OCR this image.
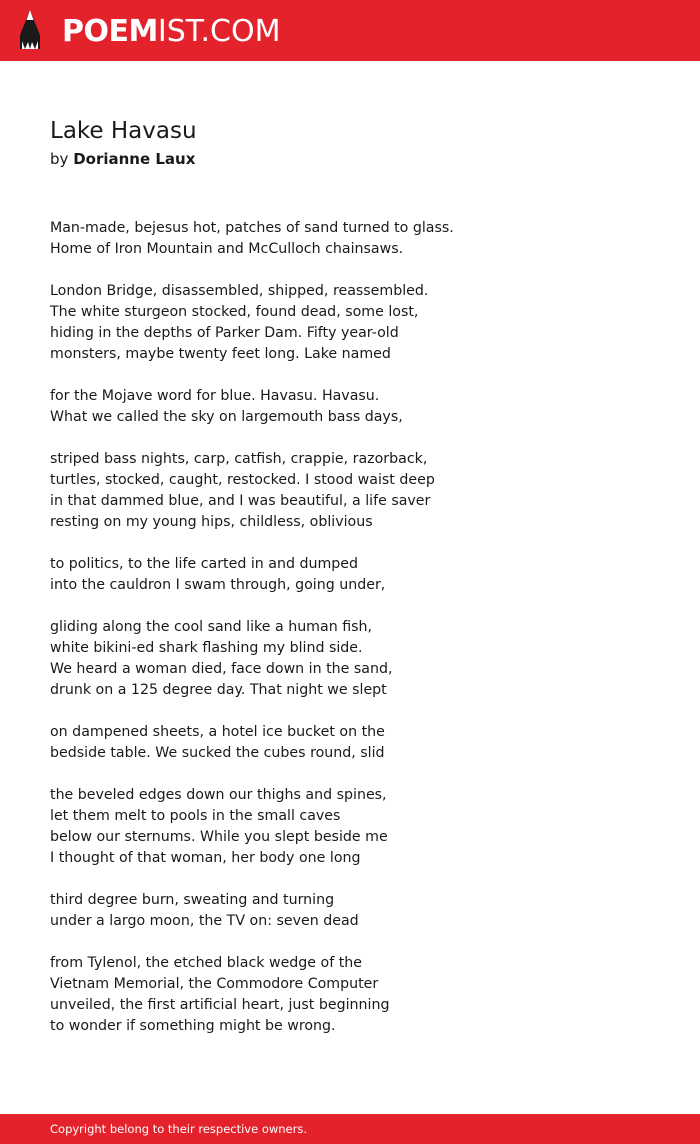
POEM IST.COM
Lake Havasu
by Dorianne Laux
Man-made, bejesus hot, patches of sand turned to glass.
Home of Iron Mountain and McCulloch chainsaws.
London Bridge, disassembled, shipped, reassembled.
The white sturgeon stocked, found dead, some lost,
hiding in the depths of Parker Dam. Fifty year-old
monsters, maybe twenty feet long. Lake named
for the Mojave word for blue. Havasu. Havasu.
What we called the sky on largemouth bass days,
striped bass nights, carp, catfish, crappie, razorback,
turtles, stocked, caught, restocked. I stood waist deep
in that dammed blue, and I was beautiful, a life saver
resting on my young hips, childless, oblivious
to politics, to the life carted in and dumped
into the cauldron I swam through, going under,
gliding along the cool sand like a human fish,
white bikini-ed shark flashing my blind side.
We heard a woman died, face down in the sand,
drunk on a 125 degree day. That night we slept
on dampened sheets, a hotel ice bucket on the
bedside table. We sucked the cubes round, slid
the beveled edges down our thighs and spines,
let them melt to pools in the small caves
below our sternums. While you slept beside me
I thought of that woman, her body one long
third degree burn, sweating and turning
under a largo moon, the TV on: seven dead
from Tylenol, the etched black wedge of the
Vietnam Memorial, the Commodore Computer
unveiled, the first artificial heart, just beginning
to wonder if something might be wrong.
Copyright belong to their respective owners.
